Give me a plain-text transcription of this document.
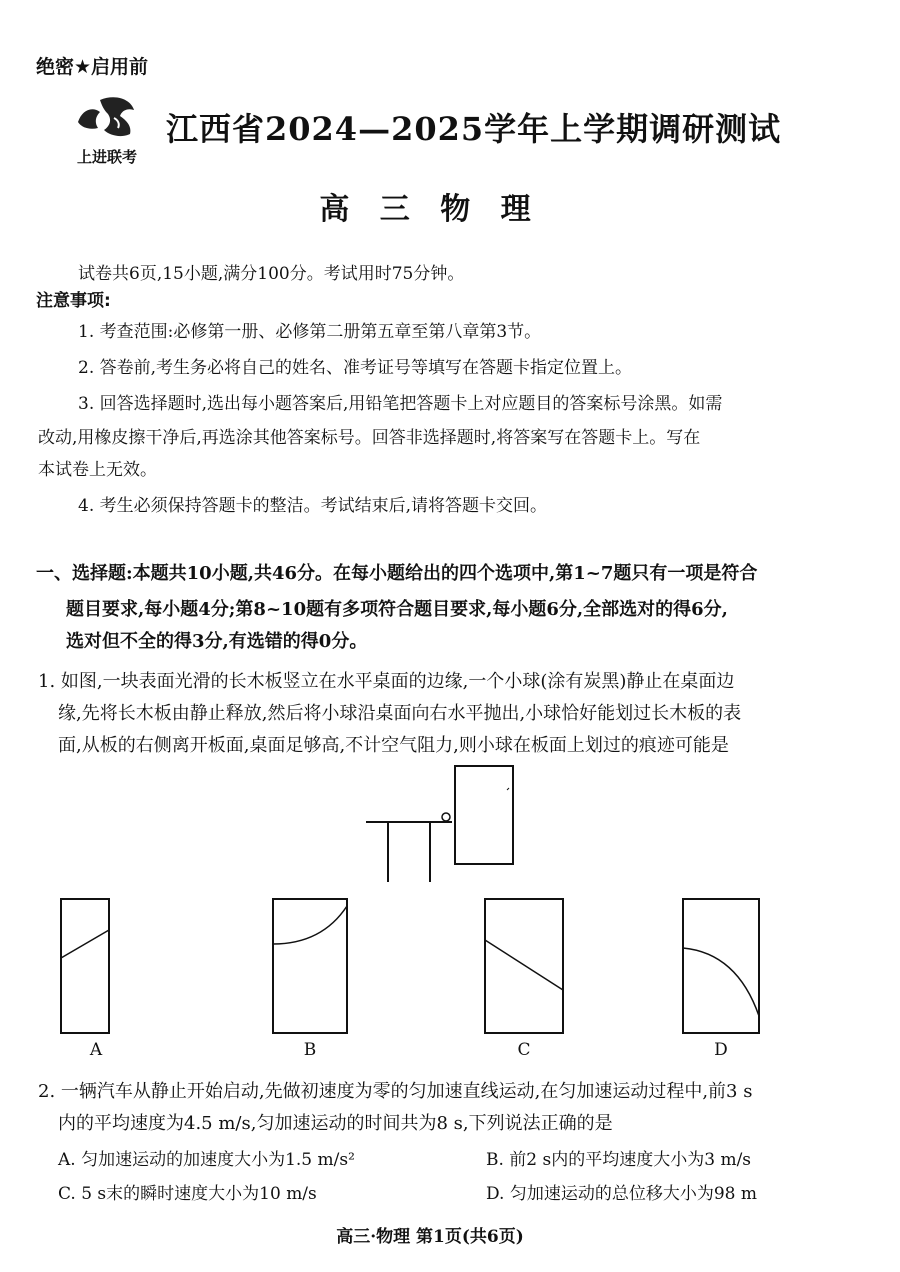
绝密★启用前
上进联考
江西省2024—2025学年上学期调研测试
高 三 物 理
试卷共6页,15小题,满分100分。考试用时75分钟。
注意事项:
1. 考查范围:必修第一册、必修第二册第五章至第八章第3节。
2. 答卷前,考生务必将自己的姓名、准考证号等填写在答题卡指定位置上。
3. 回答选择题时,选出每小题答案后,用铅笔把答题卡上对应题目的答案标号涂黑。如需
改动,用橡皮擦干净后,再选涂其他答案标号。回答非选择题时,将答案写在答题卡上。写在
本试卷上无效。
4. 考生必须保持答题卡的整洁。考试结束后,请将答题卡交回。
一、选择题:本题共10小题,共46分。在每小题给出的四个选项中,第1~7题只有一项是符合
题目要求,每小题4分;第8~10题有多项符合题目要求,每小题6分,全部选对的得6分,
选对但不全的得3分,有选错的得0分。
1. 如图,一块表面光滑的长木板竖立在水平桌面的边缘,一个小球(涂有炭黑)静止在桌面边
缘,先将长木板由静止释放,然后将小球沿桌面向右水平抛出,小球恰好能划过长木板的表
面,从板的右侧离开板面,桌面足够高,不计空气阻力,则小球在板面上划过的痕迹可能是
A	B	C	D
2. 一辆汽车从静止开始启动,先做初速度为零的匀加速直线运动,在匀加速运动过程中,前3 s
内的平均速度为4.5 m/s,匀加速运动的时间共为8 s,下列说法正确的是
A. 匀加速运动的加速度大小为1.5 m/s²	B. 前2 s内的平均速度大小为3 m/s
C. 5 s末的瞬时速度大小为10 m/s	D. 匀加速运动的总位移大小为98 m
高三·物理 第1页(共6页)
